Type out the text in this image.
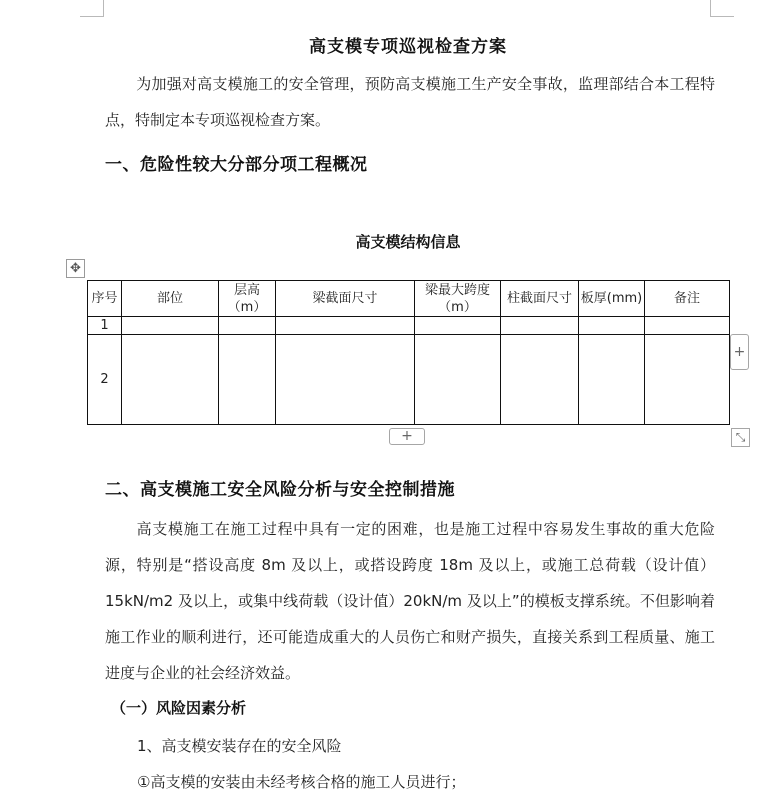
高支模专项巡视检查方案
为加强对高支模施工的安全管理，预防高支模施工生产安全事故，监理部结合本工程特点，特制定本专项巡视检查方案。
一、危险性较大分部分项工程概况
高支模结构信息
✥
序号	部位	层高（m）	梁截面尺寸	梁最大跨度（m）	柱截面尺寸	板厚(mm)	备注
1							
2							
+
+	⤡
二、高支模施工安全风险分析与安全控制措施
高支模施工在施工过程中具有一定的困难，也是施工过程中容易发生事故的重大危险源，特别是“搭设高度 8m 及以上，或搭设跨度 18m 及以上，或施工总荷载（设计值）15kN/m2 及以上，或集中线荷载（设计值）20kN/m 及以上”的模板支撑系统。不但影响着施工作业的顺利进行，还可能造成重大的人员伤亡和财产损失，直接关系到工程质量、施工进度与企业的社会经济效益。
（一）风险因素分析
1、高支模安装存在的安全风险
①高支模的安装由未经考核合格的施工人员进行；
